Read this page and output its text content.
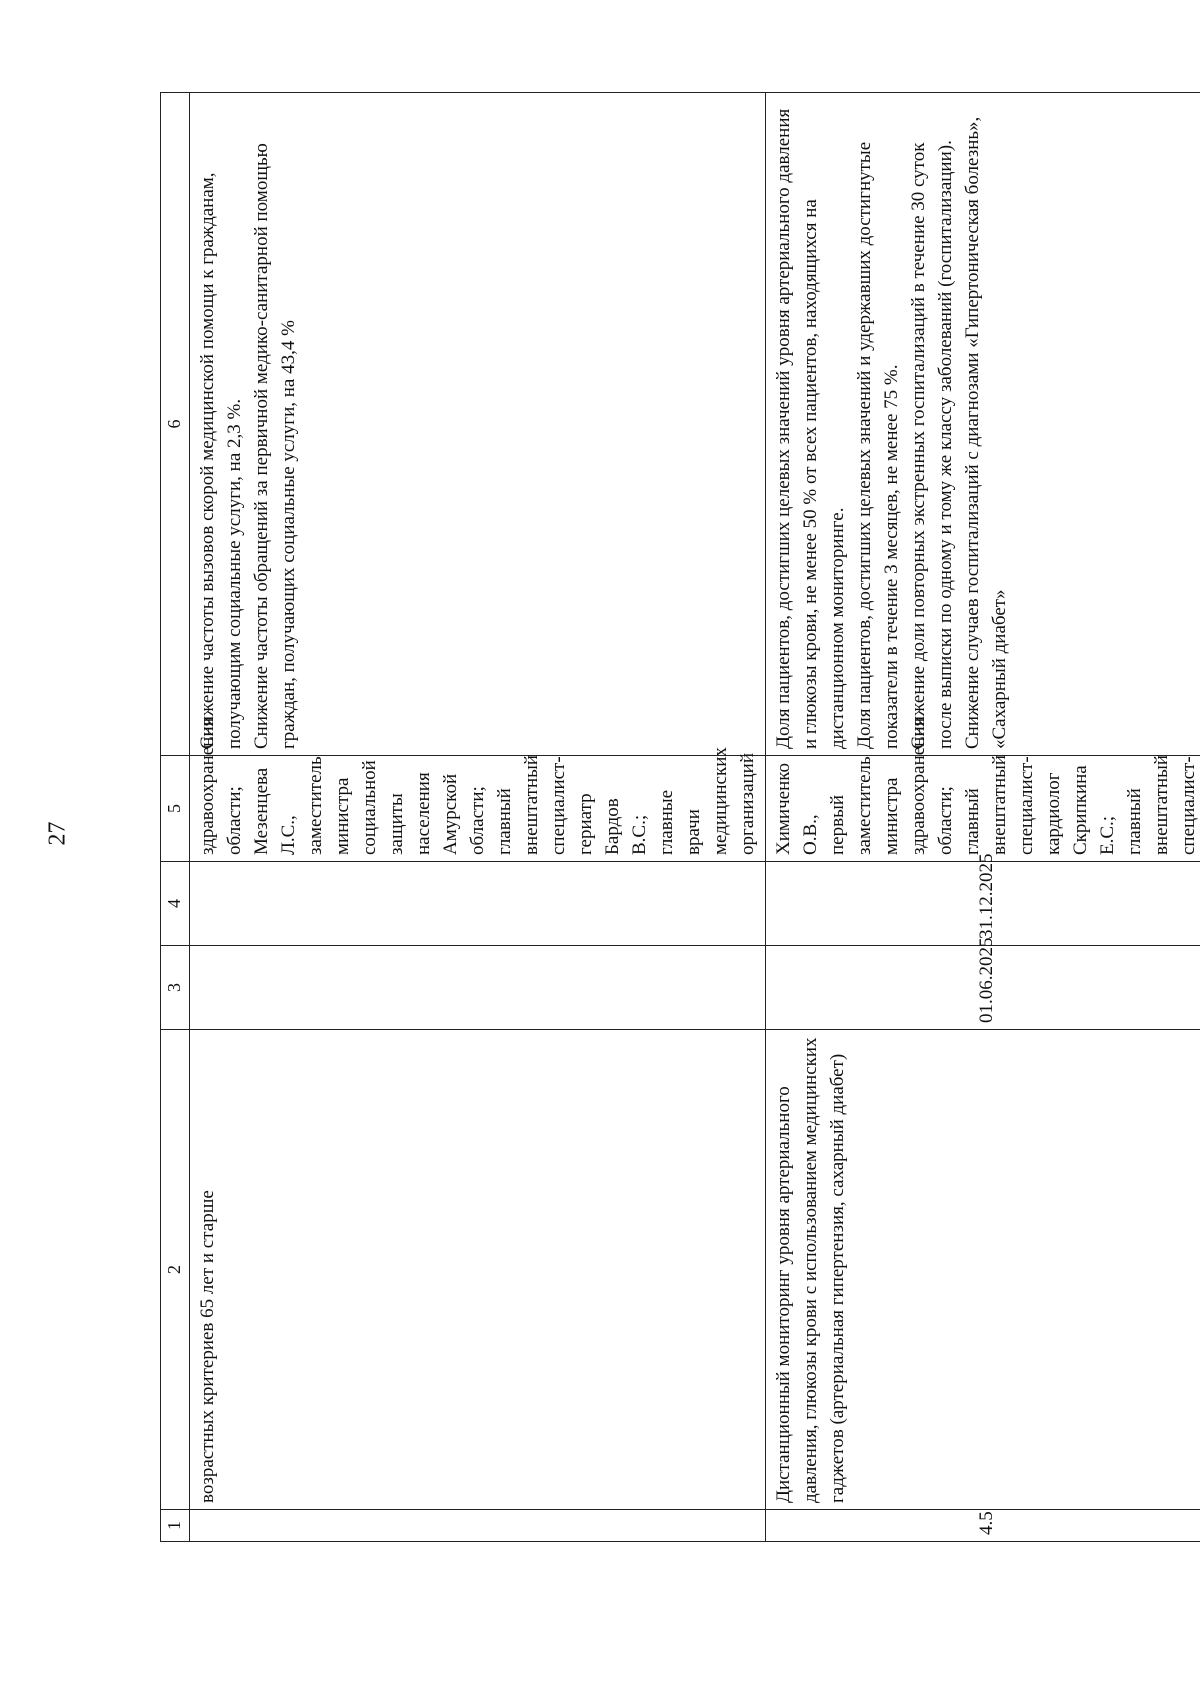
27
1	2	3	4	5	6
	возрастных критериев 65 лет и старше			здравоохранения области; Мезенцева Л.С., заместитель министра социальной защиты населения Амурской области; главный внештатный специалист-гериатр Бардов В.С.; главные врачи медицинских организаций	Снижение частоты вызовов скорой медицинской помощи к гражданам, получающим социальные услуги, на 2,3 %.
Снижение частоты обращений за первичной медико-санитарной помощью граждан, получающих социальные услуги, на 43,4 %
4.5	Дистанционный мониторинг уровня артериального давления, глюкозы крови с использованием медицинских гаджетов (артериальная гипертензия, сахарный диабет)	01.06.2025	31.12.2025	Химиченко О.В., первый заместитель министра здравоохранения области; главный внештатный специалист-кардиолог Скрипкина Е.С.; главный внештатный специалист-	Доля пациентов, достигших целевых значений уровня артериального давления и глюкозы крови, не менее 50 % от всех пациентов, находящихся на дистанционном мониторинге.
Доля пациентов, достигших целевых значений и удержавших достигнутые показатели в течение 3 месяцев, не менее 75 %.
Снижение доли повторных экстренных госпитализаций в течение 30 суток после выписки по одному и тому же классу заболеваний (госпитализации).
Снижение случаев госпитализаций с диагнозами «Гипертоническая болезнь», «Сахарный диабет»
